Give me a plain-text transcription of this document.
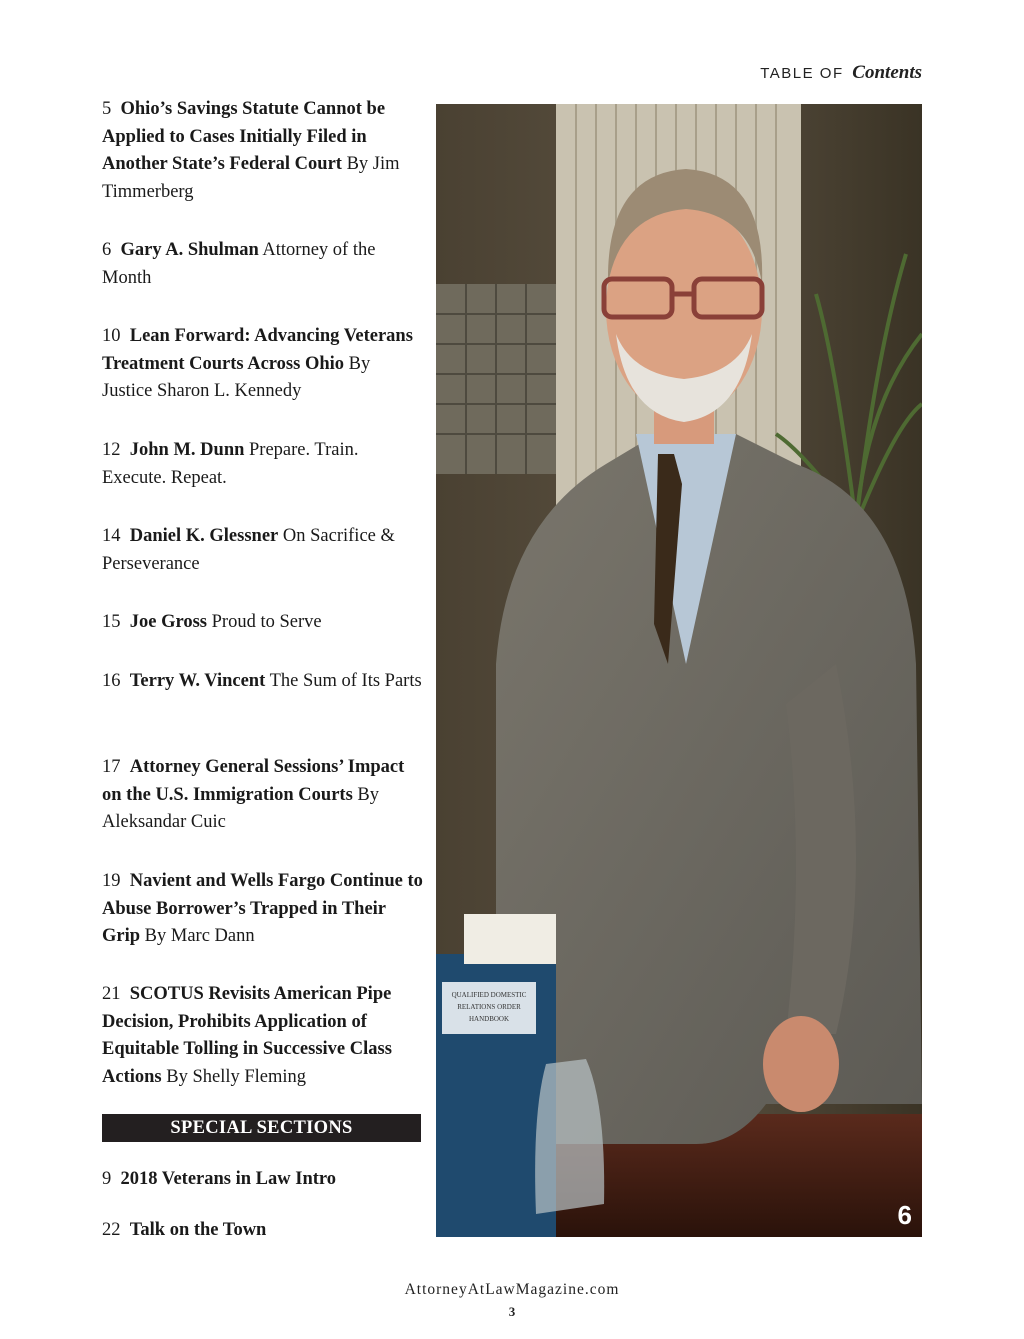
TABLE OF Contents
5 Ohio’s Savings Statute Cannot be Applied to Cases Initially Filed in Another State’s Federal Court By Jim Timmerberg
6 Gary A. Shulman Attorney of the Month
10 Lean Forward: Advancing Veterans Treatment Courts Across Ohio By Justice Sharon L. Kennedy
12 John M. Dunn Prepare. Train. Execute. Repeat.
14 Daniel K. Glessner On Sacrifice & Perseverance
15 Joe Gross Proud to Serve
16 Terry W. Vincent The Sum of Its Parts
17 Attorney General Sessions’ Impact on the U.S. Immigration Courts By Aleksandar Cuic
19 Navient and Wells Fargo Continue to Abuse Borrower’s Trapped in Their Grip By Marc Dann
21 SCOTUS Revisits American Pipe Decision, Prohibits Application of Equitable Tolling in Successive Class Actions By Shelly Fleming
SPECIAL SECTIONS
9 2018 Veterans in Law Intro
22 Talk on the Town
QUALIFIED DOMESTIC
RELATIONS ORDER
HANDBOOK
6
AttorneyAtLawMagazine.com
3
